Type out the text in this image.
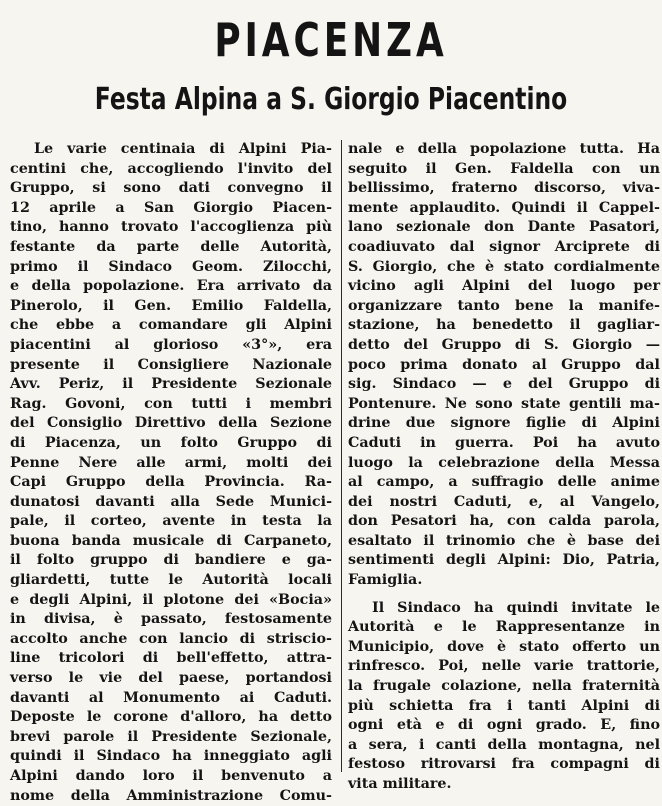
PIACENZA
Festa Alpina a S. Giorgio Piacentino
Le varie centinaia di Alpini Pia-
centini che, accogliendo l'invito del
Gruppo, si sono dati convegno il
12 aprile a San Giorgio Piacen-
tino, hanno trovato l'accoglienza più
festante da parte delle Autorità,
primo il Sindaco Geom. Zilocchi,
e della popolazione. Era arrivato da
Pinerolo, il Gen. Emilio Faldella,
che ebbe a comandare gli Alpini
piacentini al glorioso «3°», era
presente il Consigliere Nazionale
Avv. Periz, il Presidente Sezionale
Rag. Govoni, con tutti i membri
del Consiglio Direttivo della Sezione
di Piacenza, un folto Gruppo di
Penne Nere alle armi, molti dei
Capi Gruppo della Provincia. Ra-
dunatosi davanti alla Sede Munici-
pale, il corteo, avente in testa la
buona banda musicale di Carpaneto,
il folto gruppo di bandiere e ga-
gliardetti, tutte le Autorità locali
e degli Alpini, il plotone dei «Bocia»
in divisa, è passato, festosamente
accolto anche con lancio di striscio-
line tricolori di bell'effetto, attra-
verso le vie del paese, portandosi
davanti al Monumento ai Caduti.
Deposte le corone d'alloro, ha detto
brevi parole il Presidente Sezionale,
quindi il Sindaco ha inneggiato agli
Alpini dando loro il benvenuto a
nome della Amministrazione Comu-
nale e della popolazione tutta. Ha
seguito il Gen. Faldella con un
bellissimo, fraterno discorso, viva-
mente applaudito. Quindi il Cappel-
lano sezionale don Dante Pasatori,
coadiuvato dal signor Arciprete di
S. Giorgio, che è stato cordialmente
vicino agli Alpini del luogo per
organizzare tanto bene la manife-
stazione, ha benedetto il gagliar-
detto del Gruppo di S. Giorgio —
poco prima donato al Gruppo dal
sig. Sindaco — e del Gruppo di
Pontenure. Ne sono state gentili ma-
drine due signore figlie di Alpini
Caduti in guerra. Poi ha avuto
luogo la celebrazione della Messa
al campo, a suffragio delle anime
dei nostri Caduti, e, al Vangelo,
don Pesatori ha, con calda parola,
esaltato il trinomio che è base dei
sentimenti degli Alpini: Dio, Patria,
Famiglia.
Il Sindaco ha quindi invitate le
Autorità e le Rappresentanze in
Municipio, dove è stato offerto un
rinfresco. Poi, nelle varie trattorie,
la frugale colazione, nella fraternità
più schietta fra i tanti Alpini di
ogni età e di ogni grado. E, fino
a sera, i canti della montagna, nel
festoso ritrovarsi fra compagni di
vita militare.
